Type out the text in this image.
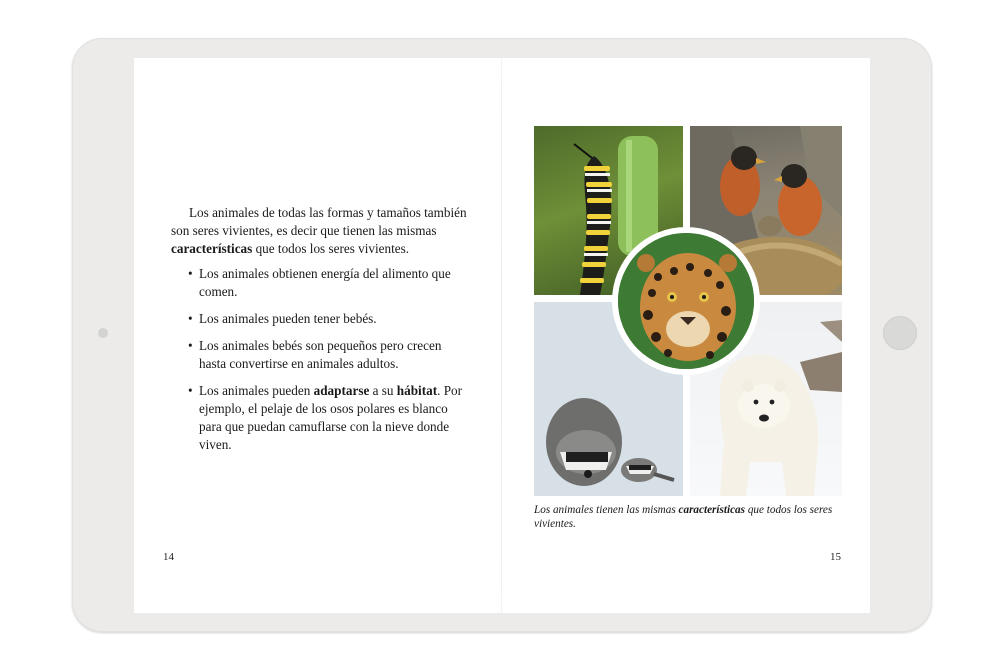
Los animales de todas las formas y tamaños también son seres vivientes, es decir que tienen las mismas características que todos los seres vivientes.

• Los animales obtienen energía del alimento que comen.
• Los animales pueden tener bebés.
• Los animales bebés son pequeños pero crecen hasta convertirse en animales adultos.
• Los animales pueden adaptarse a su hábitat. Por ejemplo, el pelaje de los osos polares es blanco para que puedan camuflarse con la nieve donde viven.
14

Los animales tienen las mismas características que todos los seres vivientes.

15
